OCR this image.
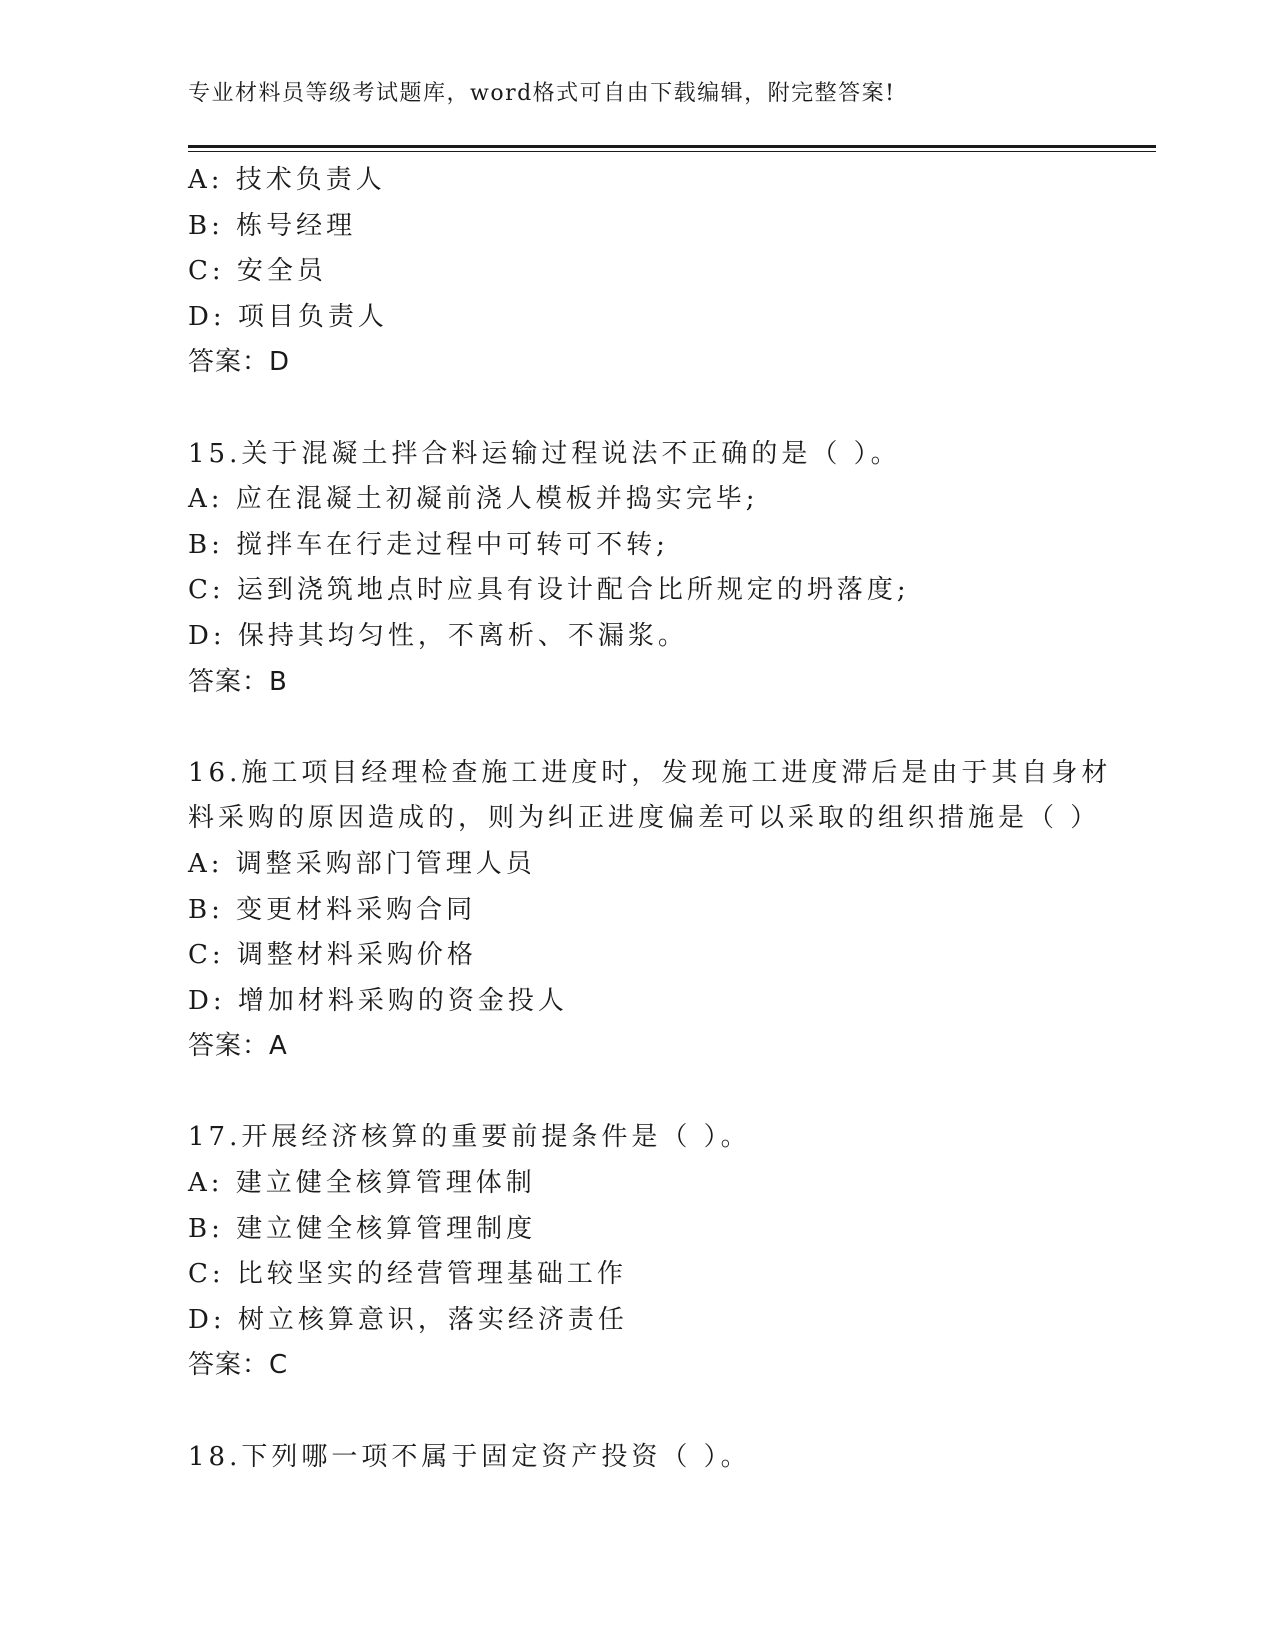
专业材料员等级考试题库，word格式可自由下载编辑，附完整答案!
A: 技术负责人
B: 栋号经理
C: 安全员
D: 项目负责人
答案：D
15.关于混凝土拌合料运输过程说法不正确的是（ ）。
A: 应在混凝土初凝前浇人模板并捣实完毕;
B: 搅拌车在行走过程中可转可不转;
C: 运到浇筑地点时应具有设计配合比所规定的坍落度;
D: 保持其均匀性，不离析、不漏浆。
答案：B
16.施工项目经理检查施工进度时，发现施工进度滞后是由于其自身材
料采购的原因造成的，则为纠正进度偏差可以采取的组织措施是（ ）
A: 调整采购部门管理人员
B: 变更材料采购合同
C: 调整材料采购价格
D: 增加材料采购的资金投人
答案：A
17.开展经济核算的重要前提条件是（ ）。
A: 建立健全核算管理体制
B: 建立健全核算管理制度
C: 比较坚实的经营管理基础工作
D: 树立核算意识，落实经济责任
答案：C
18.下列哪一项不属于固定资产投资（ ）。
